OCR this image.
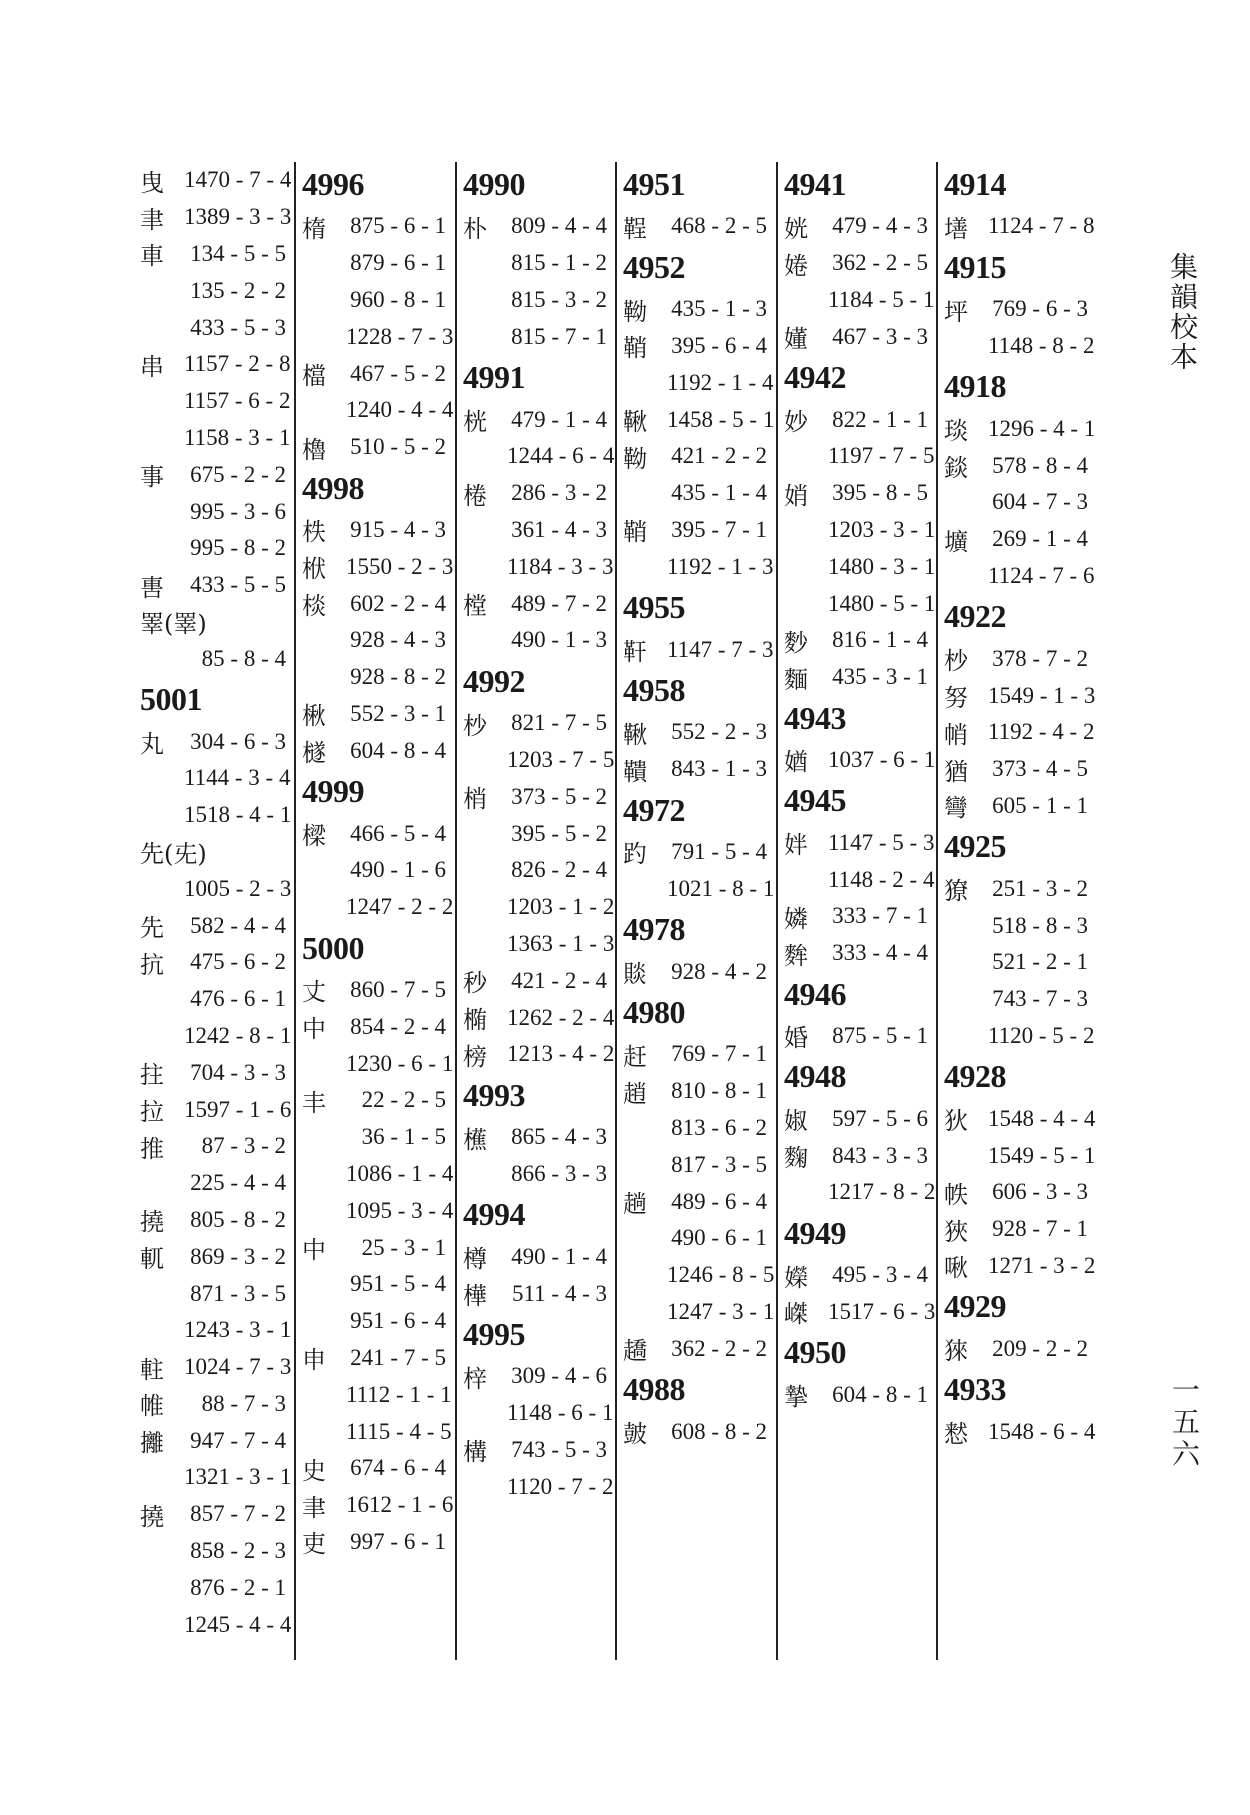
曳 1470 - 7 - 4
聿 1389 - 3 - 3
車	134 - 5 - 5
135 - 2 - 2
433 - 5 - 3
串 1157 - 2 - 8
1157 - 6 - 2
1158 - 3 - 1
事	675 - 2 - 2
995 - 3 - 6
995 - 8 - 2
軎	433 - 5 - 5
睪(睪)
85 - 8 - 4
5001
丸	304 - 6 - 3
1144 - 3 - 4
1518 - 4 - 1
先(兂)
1005 - 2 - 3
先	582 - 4 - 4
抗	475 - 6 - 2
476 - 6 - 1
1242 - 8 - 1
拄	704 - 3 - 3
拉 1597 - 1 - 6
推	87 - 3 - 2
225 - 4 - 4
撓	805 - 8 - 2
軏	869 - 3 - 2
871 - 3 - 5
1243 - 3 - 1
軴 1024 - 7 - 3
帷	88 - 7 - 3
攡	947 - 7 - 4
1321 - 3 - 1
撓	857 - 7 - 2
858 - 2 - 3
876 - 2 - 1
1245 - 4 - 4
4996
楕	875 - 6 - 1
879 - 6 - 1
960 - 8 - 1
1228 - 7 - 3
檔	467 - 5 - 2
1240 - 4 - 4
櫓	510 - 5 - 2
4998
柣	915 - 4 - 3
栿 1550 - 2 - 3
棪	602 - 2 - 4
928 - 4 - 3
928 - 8 - 2
楸	552 - 3 - 1
檖	604 - 8 - 4
4999
樑	466 - 5 - 4
490 - 1 - 6
1247 - 2 - 2
5000
丈	860 - 7 - 5
中	854 - 2 - 4
1230 - 6 - 1
丰	22 - 2 - 5
36 - 1 - 5
1086 - 1 - 4
1095 - 3 - 4
中	25 - 3 - 1
951 - 5 - 4
951 - 6 - 4
申	241 - 7 - 5
1112 - 1 - 1
1115 - 4 - 5
史	674 - 6 - 4
聿 1612 - 1 - 6
吏	997 - 6 - 1
4990
朴	809 - 4 - 4
815 - 1 - 2
815 - 3 - 2
815 - 7 - 1
4991
桄	479 - 1 - 4
1244 - 6 - 4
棬	286 - 3 - 2
361 - 4 - 3
1184 - 3 - 3
樘	489 - 7 - 2
490 - 1 - 3
4992
杪	821 - 7 - 5
1203 - 7 - 5
梢	373 - 5 - 2
395 - 5 - 2
826 - 2 - 4
1203 - 1 - 2
1363 - 1 - 3
秒	421 - 2 - 4
椭 1262 - 2 - 4
榜 1213 - 4 - 2
4993
櫵	865 - 4 - 3
866 - 3 - 3
4994
樽	490 - 1 - 4
樺	511 - 4 - 3
4995
梓	309 - 4 - 6
1148 - 6 - 1
構	743 - 5 - 3
1120 - 7 - 2
4951
鞓	468 - 2 - 5
4952
靿	435 - 1 - 3
鞘	395 - 6 - 4
1192 - 1 - 4
鞦 1458 - 5 - 1
靿	421 - 2 - 2
435 - 1 - 4
鞘	395 - 7 - 1
1192 - 1 - 3
4955
靬 1147 - 7 - 3
4958
鞦	552 - 2 - 3
鞼	843 - 1 - 3
4972
趵	791 - 5 - 4
1021 - 8 - 1
4978
賧	928 - 4 - 2
4980
赶	769 - 7 - 1
趙	810 - 8 - 1
813 - 6 - 2
817 - 3 - 5
趟	489 - 6 - 4
490 - 6 - 1
1246 - 8 - 5
1247 - 3 - 1
趫	362 - 2 - 2
4988
皷	608 - 8 - 2
4941
姯	479 - 4 - 3
婘	362 - 2 - 5
1184 - 5 - 1
嬞	467 - 3 - 3
4942
妙	822 - 1 - 1
1197 - 7 - 5
娋	395 - 8 - 5
1203 - 3 - 1
1480 - 3 - 1
1480 - 5 - 1
麨	816 - 1 - 4
麵	435 - 3 - 1
4943
媨 1037 - 6 - 1
4945
姅 1147 - 5 - 3
1148 - 2 - 4
嫾	333 - 7 - 1
麰	333 - 4 - 4
4946
婚	875 - 5 - 1
4948
婌	597 - 5 - 6
麴	843 - 3 - 3
1217 - 8 - 2
4949
嬫	495 - 3 - 4
嵥 1517 - 6 - 3
4950
摯	604 - 8 - 1
4914
墡 1124 - 7 - 8
4915
坪	769 - 6 - 3
1148 - 8 - 2
4918
琰 1296 - 4 - 1
錟	578 - 8 - 4
604 - 7 - 3
壙	269 - 1 - 4
1124 - 7 - 6
4922
杪	378 - 7 - 2
努 1549 - 1 - 3
帩 1192 - 4 - 2
猶	373 - 4 - 5
彎	605 - 1 - 1
4925
獠	251 - 3 - 2
518 - 8 - 3
521 - 2 - 1
743 - 7 - 3
1120 - 5 - 2
4928
狄 1548 - 4 - 4
1549 - 5 - 1
帙	606 - 3 - 3
狹	928 - 7 - 1
啾 1271 - 3 - 2
4929
猍	209 - 2 - 2
4933
慭 1548 - 6 - 4
集韻校本
一五六
